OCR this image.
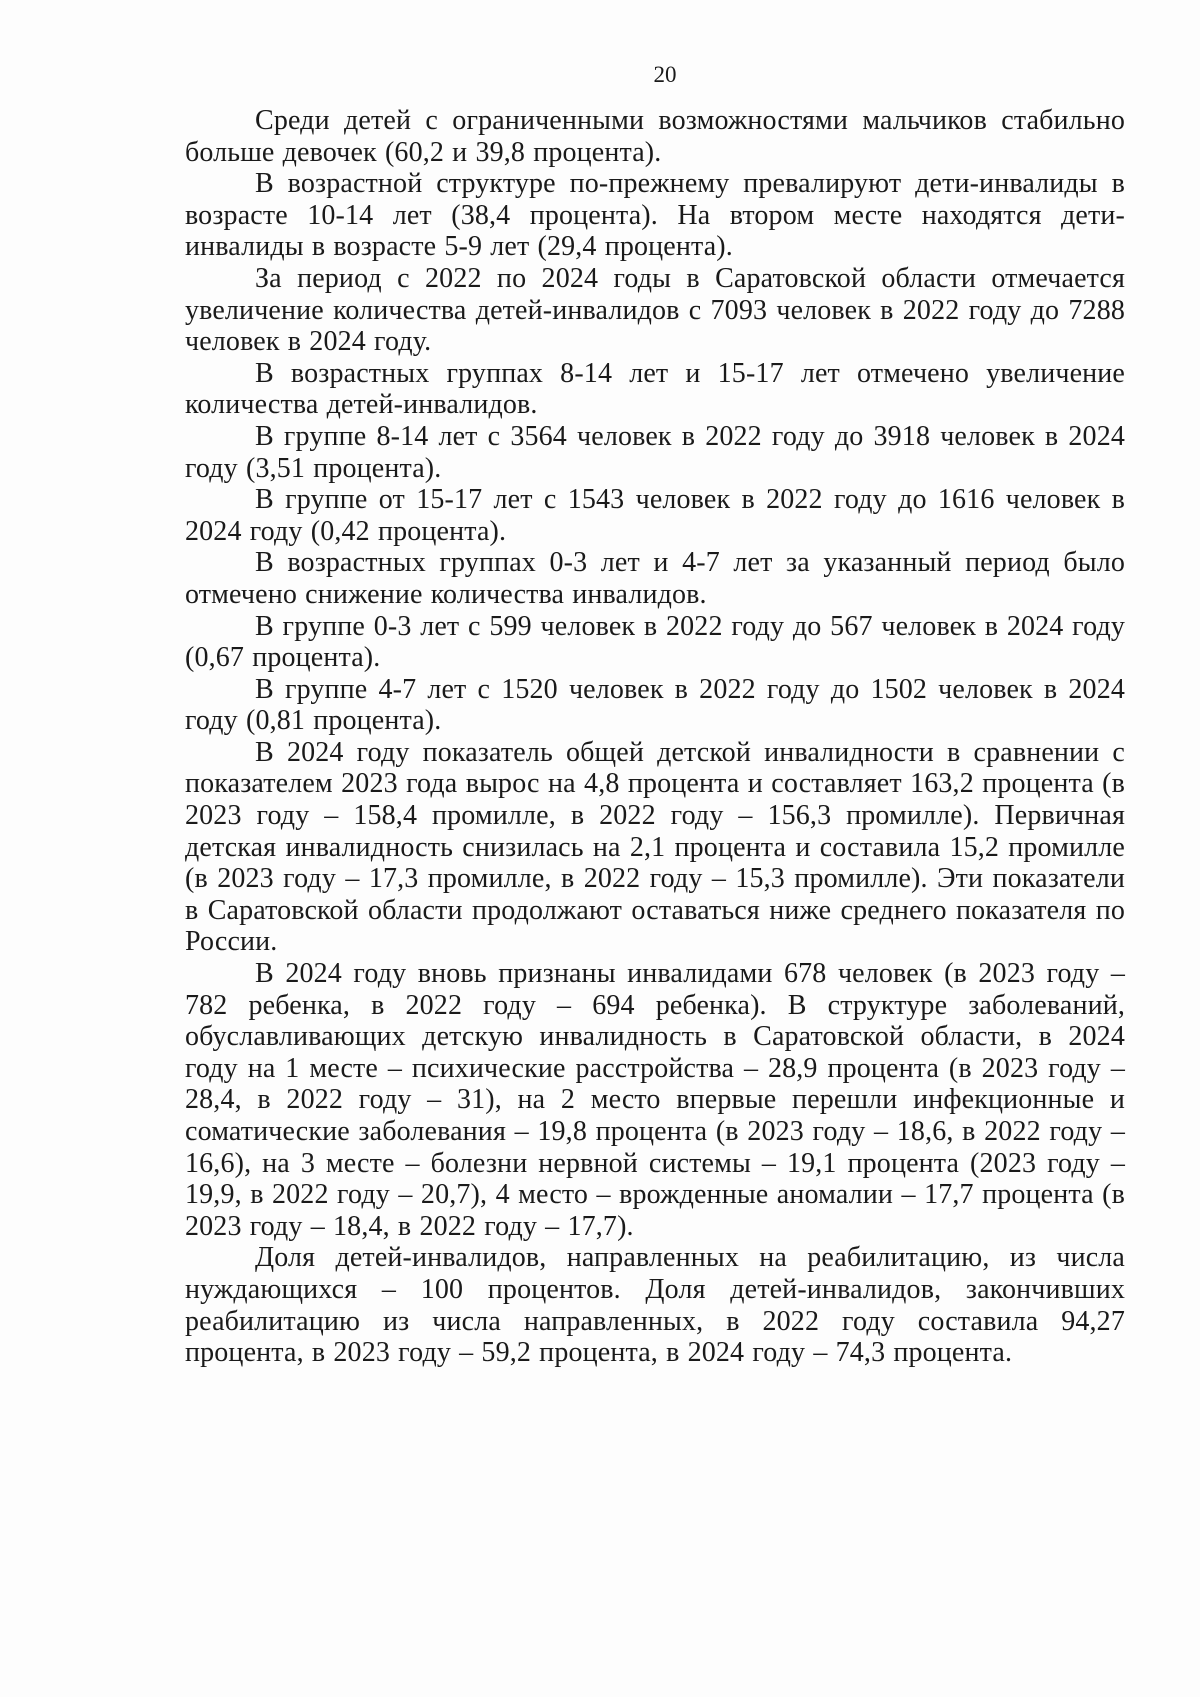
20

Среди детей с ограниченными возможностями мальчиков стабильно больше девочек (60,2 и 39,8 процента).

В возрастной структуре по-прежнему превалируют дети-инвалиды в возрасте 10-14 лет (38,4 процента). На втором месте находятся дети-инвалиды в возрасте 5-9 лет (29,4 процента).

За период с 2022 по 2024 годы в Саратовской области отмечается увеличение количества детей-инвалидов с 7093 человек в 2022 году до 7288 человек в 2024 году.

В возрастных группах 8-14 лет и 15-17 лет отмечено увеличение количества детей-инвалидов.

В группе 8-14 лет с 3564 человек в 2022 году до 3918 человек в 2024 году (3,51 процента).

В группе от 15-17 лет с 1543 человек в 2022 году до 1616 человек в 2024 году (0,42 процента).

В возрастных группах 0-3 лет и 4-7 лет за указанный период было отмечено снижение количества инвалидов.

В группе 0-3 лет с 599 человек в 2022 году до 567 человек в 2024 году (0,67 процента).

В группе 4-7 лет с 1520 человек в 2022 году до 1502 человек в 2024 году (0,81 процента).

В 2024 году показатель общей детской инвалидности в сравнении с показателем 2023 года вырос на 4,8 процента и составляет 163,2 процента (в 2023 году – 158,4 промилле, в 2022 году – 156,3 промилле). Первичная детская инвалидность снизилась на 2,1 процента и составила 15,2 промилле (в 2023 году – 17,3 промилле, в 2022 году – 15,3 промилле). Эти показатели в Саратовской области продолжают оставаться ниже среднего показателя по России.

В 2024 году вновь признаны инвалидами 678 человек (в 2023 году – 782 ребенка, в 2022 году – 694 ребенка). В структуре заболеваний, обуславливающих детскую инвалидность в Саратовской области, в 2024 году на 1 месте – психические расстройства – 28,9 процента (в 2023 году – 28,4, в 2022 году – 31), на 2 место впервые перешли инфекционные и соматические заболевания – 19,8 процента (в 2023 году – 18,6, в 2022 году – 16,6), на 3 месте – болезни нервной системы – 19,1 процента (2023 году – 19,9, в 2022 году – 20,7), 4 место – врожденные аномалии – 17,7 процента (в 2023 году – 18,4, в 2022 году – 17,7).

Доля детей-инвалидов, направленных на реабилитацию, из числа нуждающихся – 100 процентов. Доля детей-инвалидов, закончивших реабилитацию из числа направленных, в 2022 году составила 94,27 процента, в 2023 году – 59,2 процента, в 2024 году – 74,3 процента.
